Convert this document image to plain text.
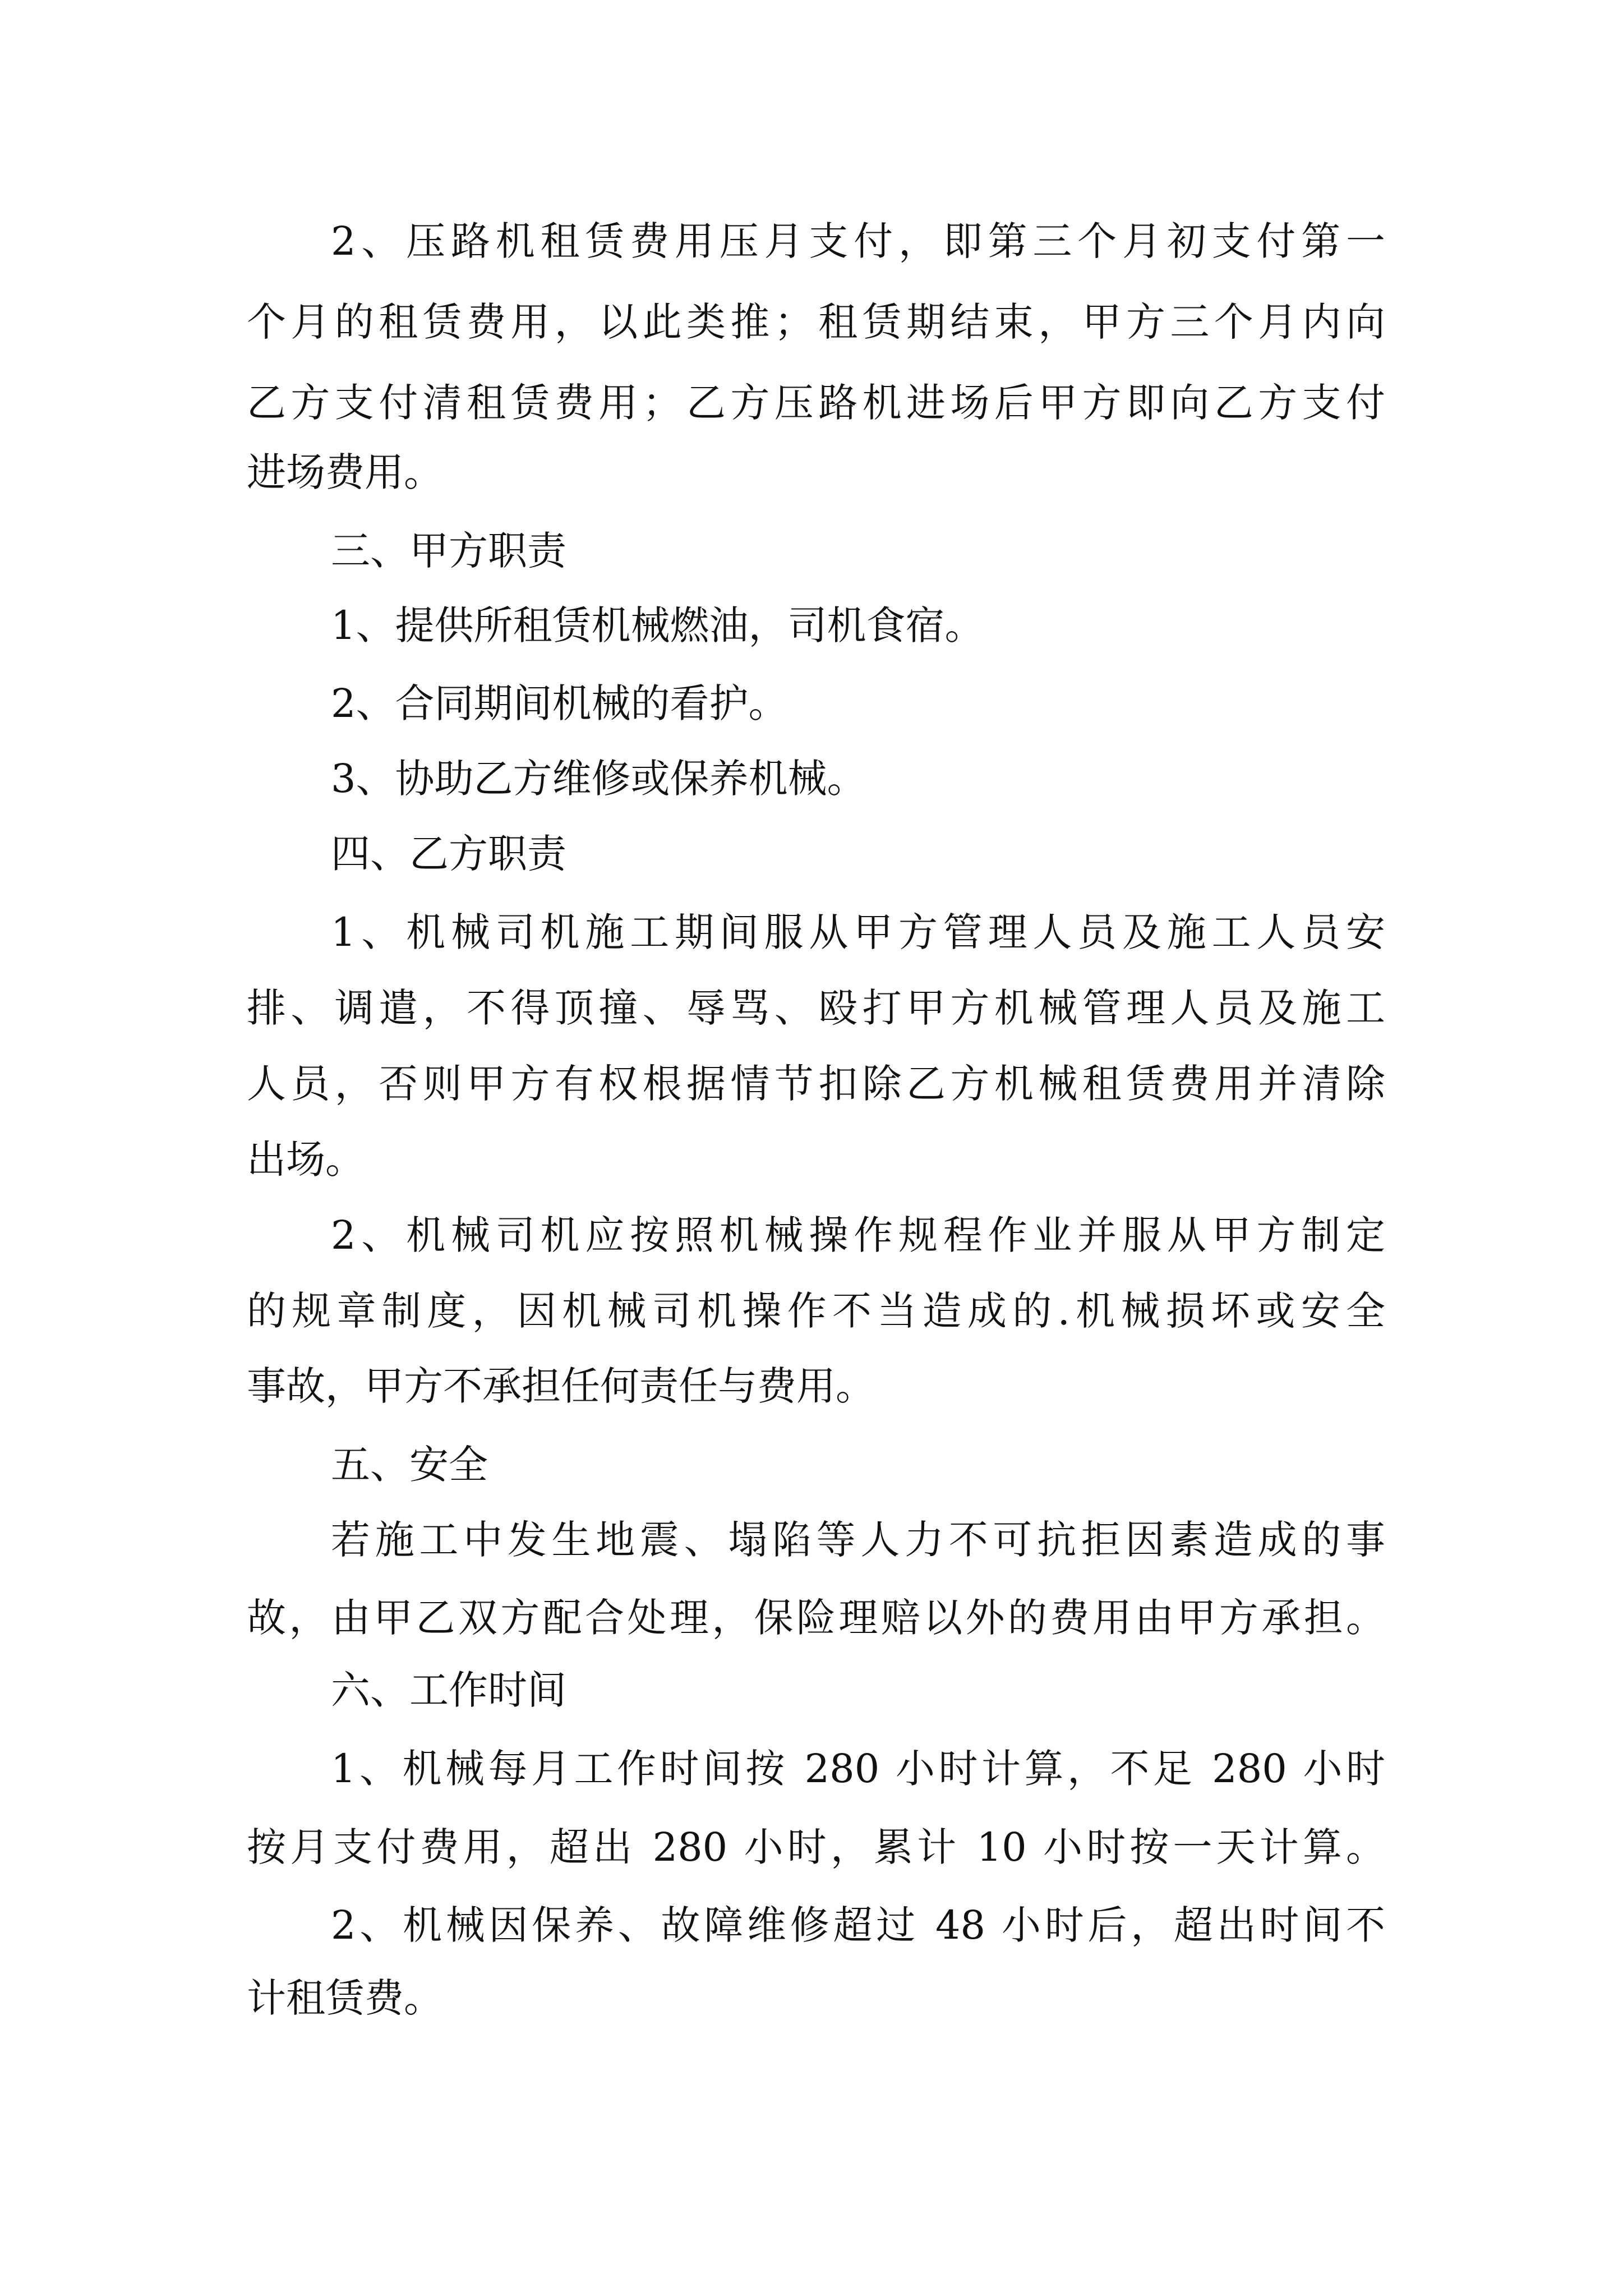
2、压路机租赁费用压月支付，即第三个月初支付第一
个月的租赁费用，以此类推；租赁期结束，甲方三个月内向
乙方支付清租赁费用；乙方压路机进场后甲方即向乙方支付
进场费用。
三、甲方职责
1、提供所租赁机械燃油，司机食宿。
2、合同期间机械的看护。
3、协助乙方维修或保养机械。
四、乙方职责
1、机械司机施工期间服从甲方管理人员及施工人员安
排、调遣，不得顶撞、辱骂、殴打甲方机械管理人员及施工
人员，否则甲方有权根据情节扣除乙方机械租赁费用并清除
出场。
2、机械司机应按照机械操作规程作业并服从甲方制定
的规章制度，因机械司机操作不当造成的.机械损坏或安全
事故，甲方不承担任何责任与费用。
五、安全
若施工中发生地震、塌陷等人力不可抗拒因素造成的事
故，由甲乙双方配合处理，保险理赔以外的费用由甲方承担。
六、工作时间
1、机械每月工作时间按 280 小时计算，不足 280 小时
按月支付费用，超出 280 小时，累计 10 小时按一天计算。
2、机械因保养、故障维修超过 48 小时后，超出时间不
计租赁费。
